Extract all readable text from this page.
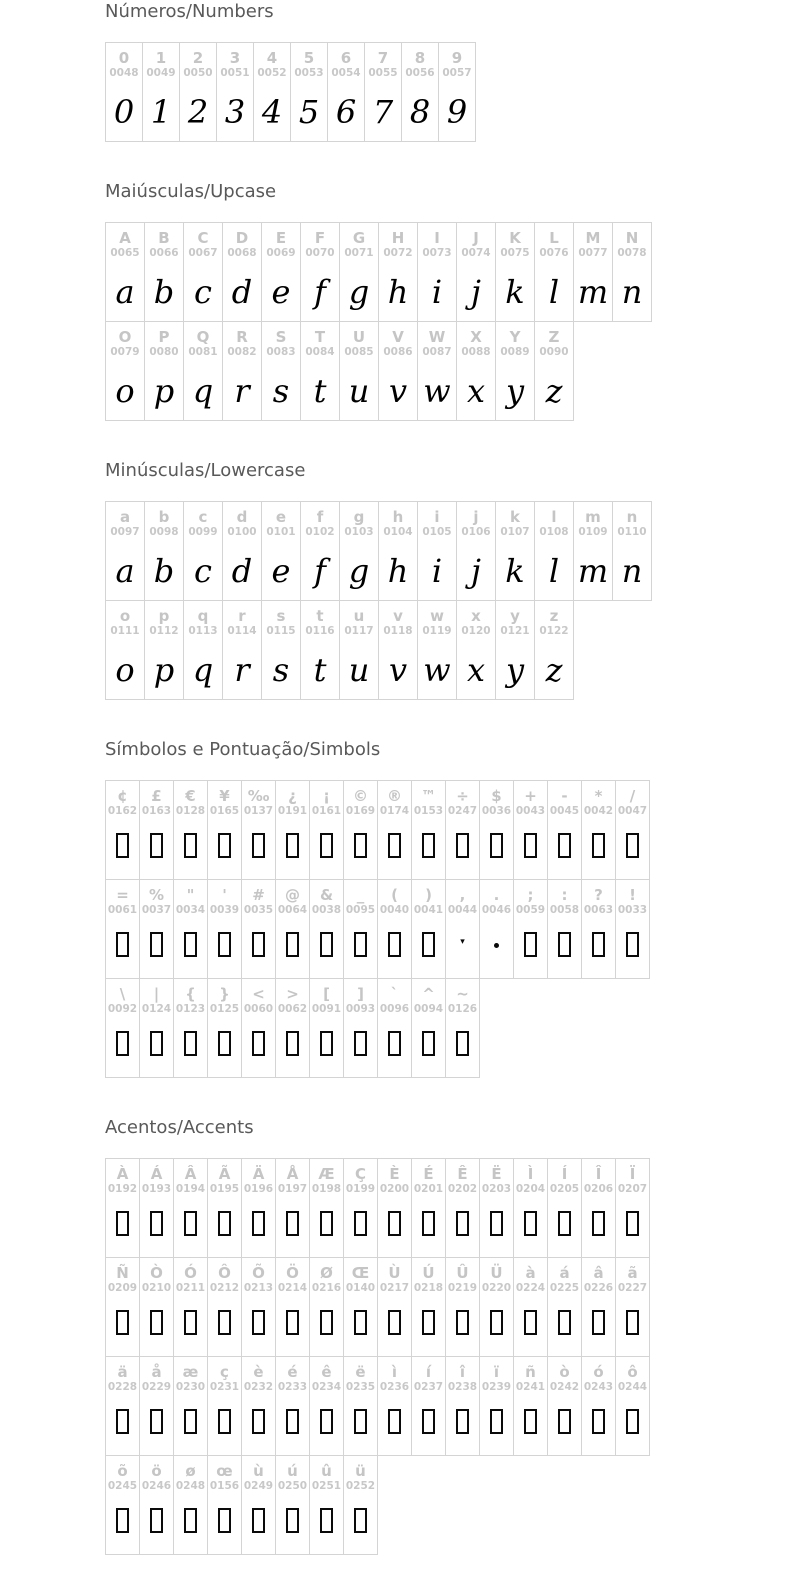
Números/Numbers
0
0048
0
1
0049
1
2
0050
2
3
0051
3
4
0052
4
5
0053
5
6
0054
6
7
0055
7
8
0056
8
9
0057
9
Maiúsculas/Upcase
A
0065
a
B
0066
b
C
0067
c
D
0068
d
E
0069
e
F
0070
f
G
0071
g
H
0072
h
I
0073
i
J
0074
j
K
0075
k
L
0076
l
M
0077
m
N
0078
n
O
0079
o
P
0080
p
Q
0081
q
R
0082
r
S
0083
s
T
0084
t
U
0085
u
V
0086
v
W
0087
w
X
0088
x
Y
0089
y
Z
0090
z
Minúsculas/Lowercase
a
0097
a
b
0098
b
c
0099
c
d
0100
d
e
0101
e
f
0102
f
g
0103
g
h
0104
h
i
0105
i
j
0106
j
k
0107
k
l
0108
l
m
0109
m
n
0110
n
o
0111
o
p
0112
p
q
0113
q
r
0114
r
s
0115
s
t
0116
t
u
0117
u
v
0118
v
w
0119
w
x
0120
x
y
0121
y
z
0122
z
Símbolos e Pontuação/Simbols
¢
0162
£
0163
€
0128
¥
0165
‰
0137
¿
0191
¡
0161
©
0169
®
0174
™
0153
÷
0247
$
0036
+
0043
-
0045
*
0042
/
0047
=
0061
%
0037
"
0034
'
0039
#
0035
@
0064
&
0038
_
0095
(
0040
)
0041
,
0044
▾
.
0046
;
0059
:
0058
?
0063
!
0033
\
0092
|
0124
{
0123
}
0125
<
0060
>
0062
[
0091
]
0093
`
0096
^
0094
~
0126
Acentos/Accents
À
0192
Á
0193
Â
0194
Ã
0195
Ä
0196
Å
0197
Æ
0198
Ç
0199
È
0200
É
0201
Ê
0202
Ë
0203
Ì
0204
Í
0205
Î
0206
Ï
0207
Ñ
0209
Ò
0210
Ó
0211
Ô
0212
Õ
0213
Ö
0214
Ø
0216
Œ
0140
Ù
0217
Ú
0218
Û
0219
Ü
0220
à
0224
á
0225
â
0226
ã
0227
ä
0228
å
0229
æ
0230
ç
0231
è
0232
é
0233
ê
0234
ë
0235
ì
0236
í
0237
î
0238
ï
0239
ñ
0241
ò
0242
ó
0243
ô
0244
õ
0245
ö
0246
ø
0248
œ
0156
ù
0249
ú
0250
û
0251
ü
0252
